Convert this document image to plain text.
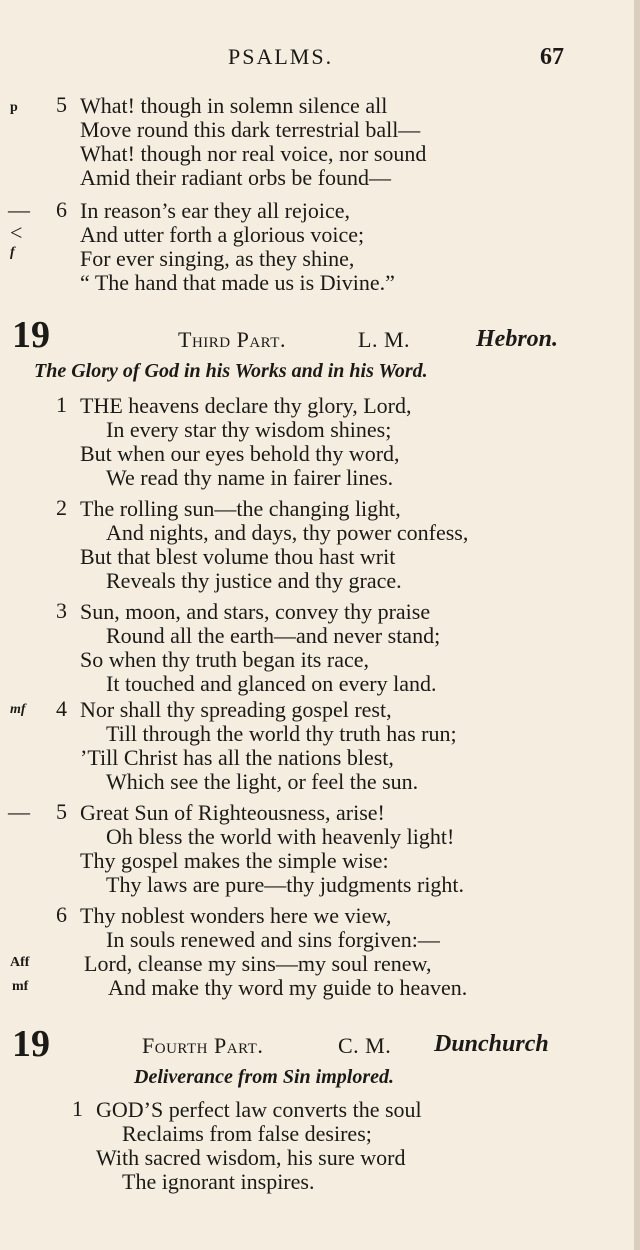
PSALMS.	67
p 5 What! though in solemn silence all
Move round this dark terrestrial ball—
What! though nor real voice, nor sound
Amid their radiant orbs be found—
— 6 In reason’s ear they all rejoice,
<	And utter forth a glorious voice;
f	For ever singing, as they shine,
“ The hand that made us is Divine.”
19	Third Part.	L. M.	Hebron.
The Glory of God in his Works and in his Word.
1 THE heavens declare thy glory, Lord,
In every star thy wisdom shines;
But when our eyes behold thy word,
We read thy name in fairer lines.
2 The rolling sun—the changing light,
And nights, and days, thy power confess,
But that blest volume thou hast writ
Reveals thy justice and thy grace.
3 Sun, moon, and stars, convey thy praise
Round all the earth—and never stand;
So when thy truth began its race,
It touched and glanced on every land.
mf 4 Nor shall thy spreading gospel rest,
Till through the world thy truth has run;
’Till Christ has all the nations blest,
Which see the light, or feel the sun.
— 5 Great Sun of Righteousness, arise!
Oh bless the world with heavenly light!
Thy gospel makes the simple wise:
Thy laws are pure—thy judgments right.
6 Thy noblest wonders here we view,
In souls renewed and sins forgiven:—
Aff Lord, cleanse my sins—my soul renew,
mf	And make thy word my guide to heaven.
19	Fourth Part.	C. M. Dunchurch
Deliverance from Sin implored.
1 GOD’S perfect law converts the soul
Reclaims from false desires;
With sacred wisdom, his sure word
The ignorant inspires.
